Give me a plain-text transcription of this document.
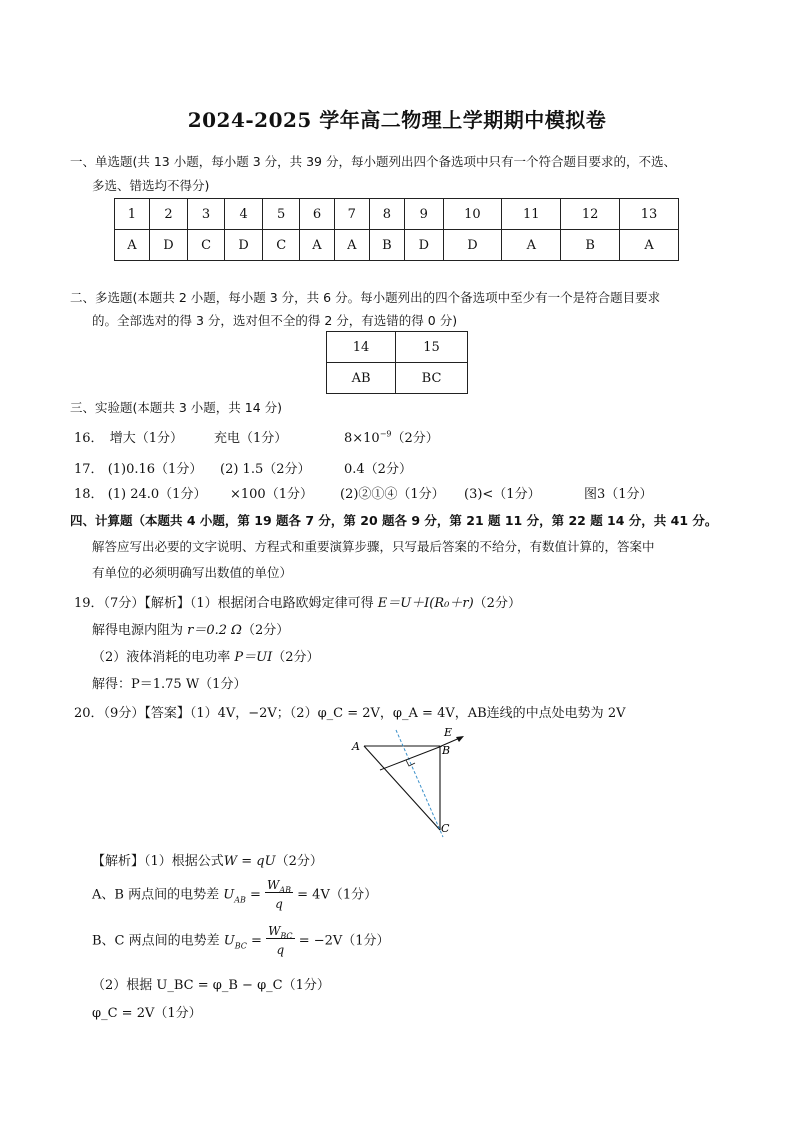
2024-2025 学年高二物理上学期期中模拟卷
一、单选题(共 13 小题，每小题 3 分，共 39 分，每小题列出四个备选项中只有一个符合题目要求的，不选、
多选、错选均不得分)
1	2	3	4	5	6	7	8	9	10	11	12	13
A	D	C	D	C	A	A	B	D	D	A	B	A
二、多选题(本题共 2 小题，每小题 3 分，共 6 分。每小题列出的四个备选项中至少有一个是符合题目要求
的。全部选对的得 3 分，选对但不全的得 2 分，有选错的得 0 分)
14	15
AB	BC
三、实验题(本题共 3 小题，共 14 分)
16． 增大（1分） 充电（1分）	$8\times 10^{-9}(2$分）
17． (1)0.16（1分） (2) 1.5（2分）	0.4（2分）
18． (1) 24.0（1分） ×100（1分） (2)②①④（1分） (3)<（1分）	图3（1分）
四、计算题（本题共 4 小题，第 19 题各 7 分，第 20 题各 9 分，第 21 题 11 分，第 22 题 14 分，共 41 分。
解答应写出必要的文字说明、方程式和重要演算步骤，只写最后答案的不给分，有数值计算的，答案中
有单位的必须明确写出数值的单位）
19．（7分）【解析】（1）根据闭合电路欧姆定律可得 E＝U＋I(R₀＋r)（2分）
解得电源内阻为 r＝0.2 Ω（2分）
（2）液体消耗的电功率 P＝UI（2分）
解得：P＝1.75 W（1分）
20．（9分）【答案】（1）4V，−2V；（2）φ_C = 2V，φ_A = 4V，AB连线的中点处电势为 2V
A	B
C
E
【解析】（1）根据公式W = qU（2分）
A、B 两点间的电势差 $U_{AB} = \frac{W_{AB}}{q} = 4V(1$分）
B、C 两点间的电势差 $U_{BC} = \frac{W_{BC}}{q} = -2V(1$分）
（2）根据 U_BC = φ_B − φ_C（1分）
φ_C = 2V（1分）
